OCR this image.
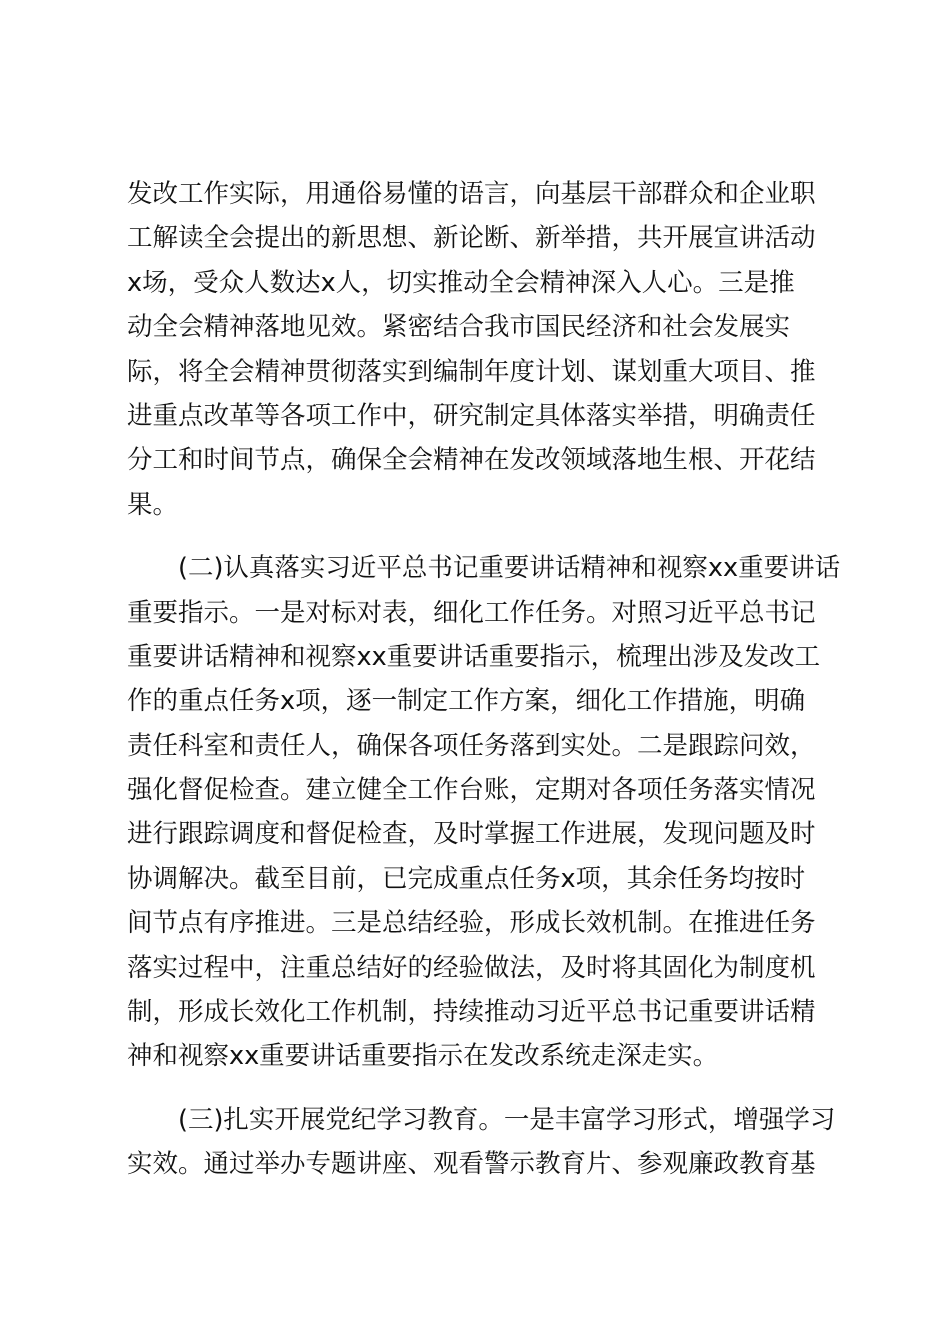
发改工作实际，用通俗易懂的语言，向基层干部群众和企业职
工解读全会提出的新思想、新论断、新举措，共开展宣讲活动
x场，受众人数达x人，切实推动全会精神深入人心。三是推
动全会精神落地见效。紧密结合我市国民经济和社会发展实
际，将全会精神贯彻落实到编制年度计划、谋划重大项目、推
进重点改革等各项工作中，研究制定具体落实举措，明确责任
分工和时间节点，确保全会精神在发改领域落地生根、开花结
果。
(二)认真落实习近平总书记重要讲话精神和视察xx重要讲话
重要指示。一是对标对表，细化工作任务。对照习近平总书记
重要讲话精神和视察xx重要讲话重要指示，梳理出涉及发改工
作的重点任务x项，逐一制定工作方案，细化工作措施，明确
责任科室和责任人，确保各项任务落到实处。二是跟踪问效，
强化督促检查。建立健全工作台账，定期对各项任务落实情况
进行跟踪调度和督促检查，及时掌握工作进展，发现问题及时
协调解决。截至目前，已完成重点任务x项，其余任务均按时
间节点有序推进。三是总结经验，形成长效机制。在推进任务
落实过程中，注重总结好的经验做法，及时将其固化为制度机
制，形成长效化工作机制，持续推动习近平总书记重要讲话精
神和视察xx重要讲话重要指示在发改系统走深走实。
(三)扎实开展党纪学习教育。一是丰富学习形式，增强学习
实效。通过举办专题讲座、观看警示教育片、参观廉政教育基
